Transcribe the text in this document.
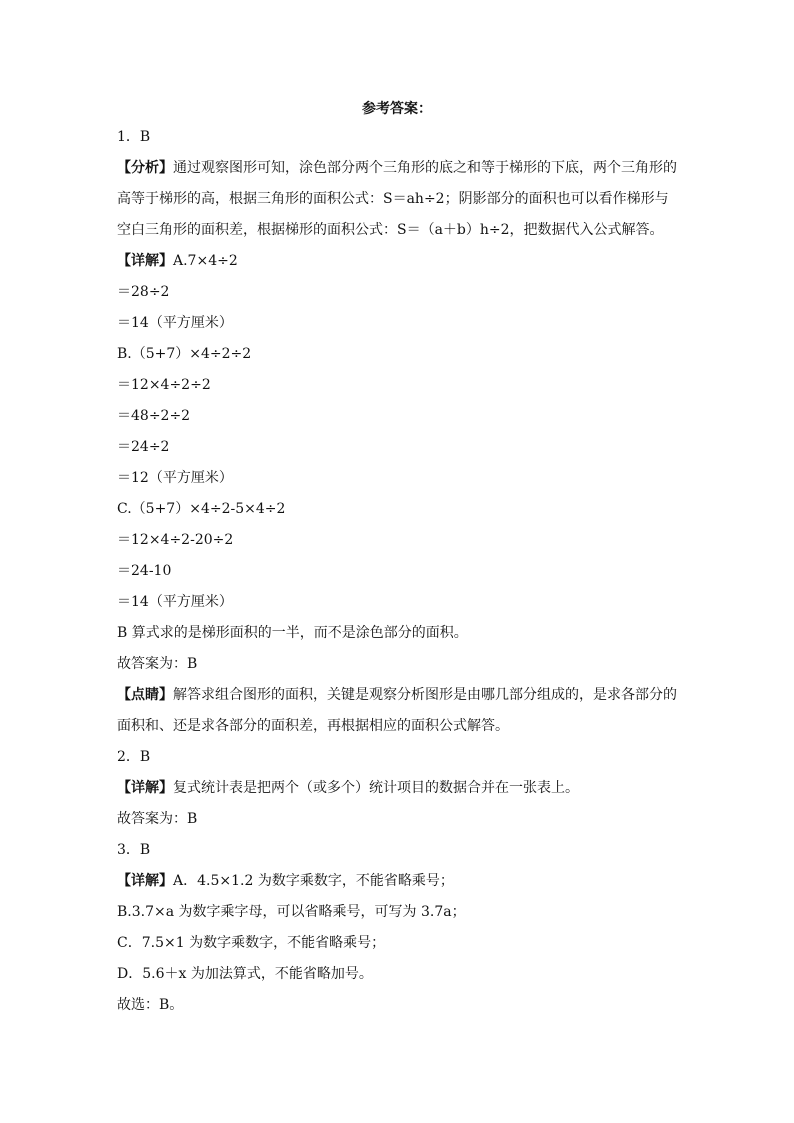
参考答案：
1．B
【分析】通过观察图形可知，涂色部分两个三角形的底之和等于梯形的下底，两个三角形的高等于梯形的高，根据三角形的面积公式：S＝ah÷2；阴影部分的面积也可以看作梯形与空白三角形的面积差，根据梯形的面积公式：S＝（a＋b）h÷2，把数据代入公式解答。
【详解】A.7×4÷2
＝28÷2
＝14（平方厘米）
B.（5+7）×4÷2÷2
＝12×4÷2÷2
＝48÷2÷2
＝24÷2
＝12（平方厘米）
C.（5+7）×4÷2-5×4÷2
＝12×4÷2-20÷2
＝24-10
＝14（平方厘米）
B 算式求的是梯形面积的一半，而不是涂色部分的面积。
故答案为：B
【点睛】解答求组合图形的面积，关键是观察分析图形是由哪几部分组成的，是求各部分的面积和、还是求各部分的面积差，再根据相应的面积公式解答。
2．B
【详解】复式统计表是把两个（或多个）统计项目的数据合并在一张表上。
故答案为：B
3．B
【详解】A．4.5×1.2 为数字乘数字，不能省略乘号；
B.3.7×a 为数字乘字母，可以省略乘号，可写为 3.7a；
C．7.5×1 为数字乘数字，不能省略乘号；
D．5.6＋x 为加法算式，不能省略加号。
故选：B。
